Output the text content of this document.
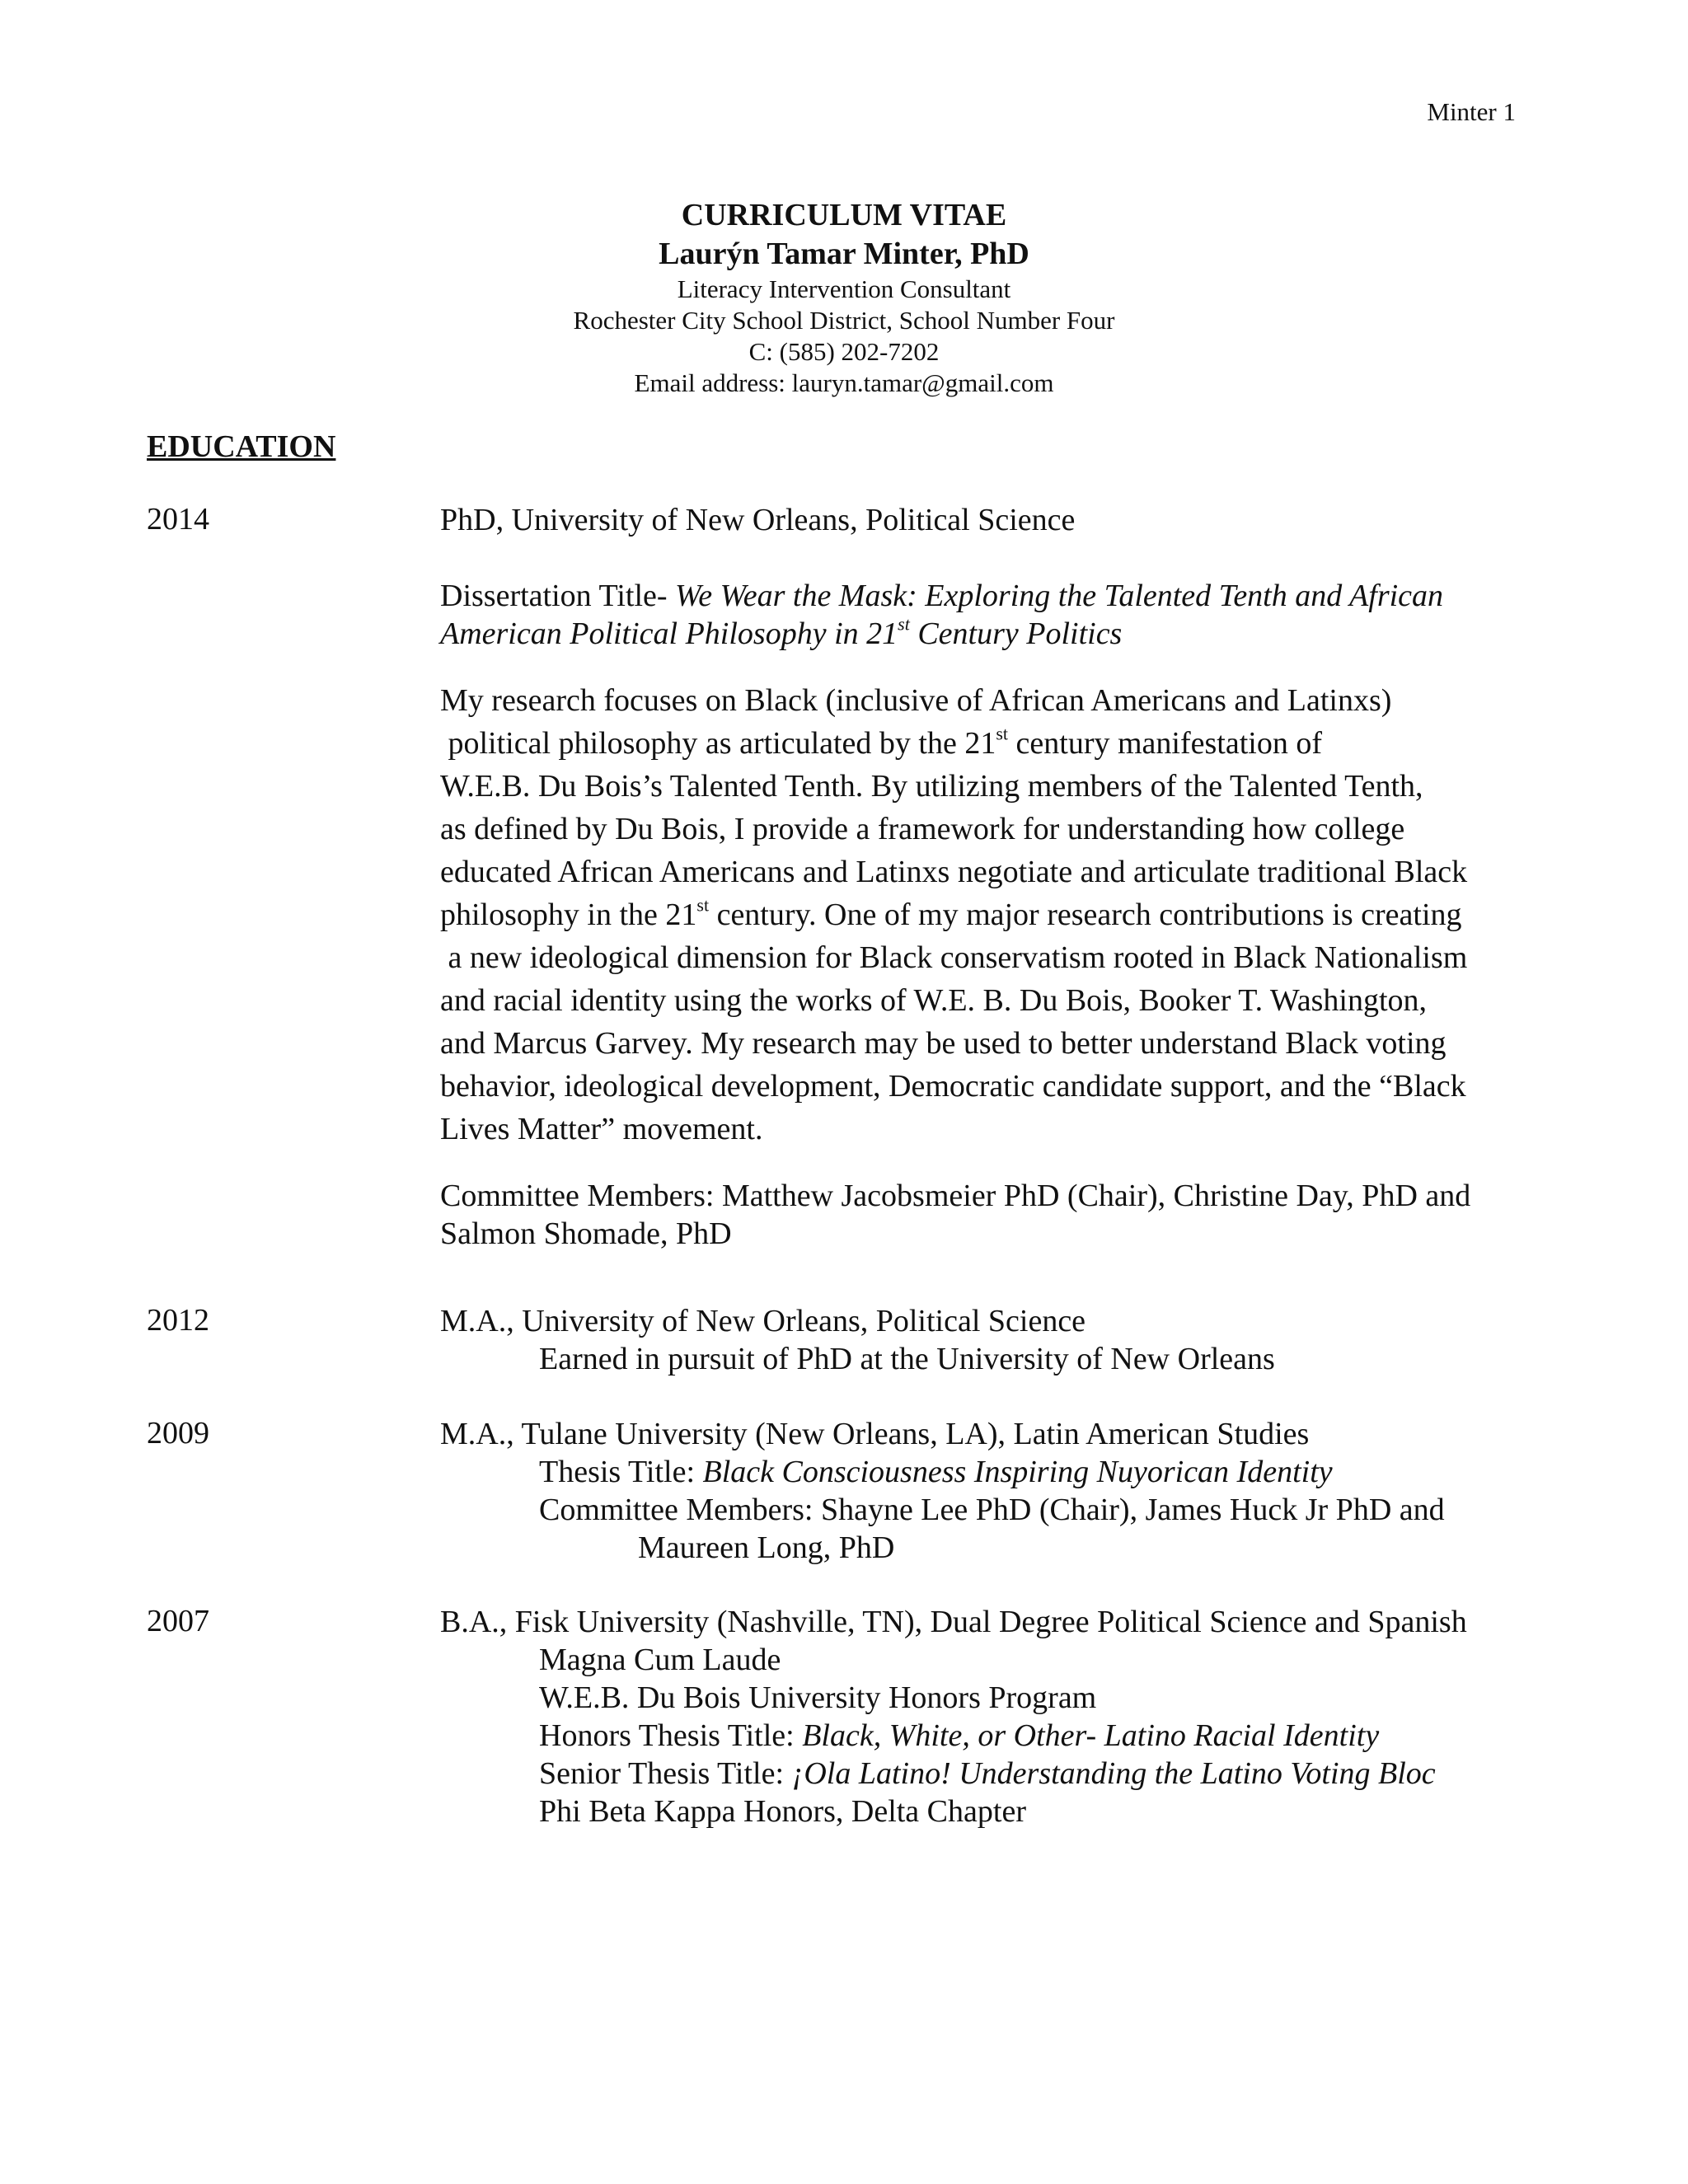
Minter 1
CURRICULUM VITAE
Laurýn Tamar Minter, PhD
Literacy Intervention Consultant
Rochester City School District, School Number Four
C: (585) 202-7202
Email address: lauryn.tamar@gmail.com
EDUCATION
2014	PhD, University of New Orleans, Political Science
Dissertation Title- We Wear the Mask: Exploring the Talented Tenth and African
American Political Philosophy in 21st Century Politics
My research focuses on Black (inclusive of African Americans and Latinxs)
political philosophy as articulated by the 21st century manifestation of
W.E.B. Du Bois’s Talented Tenth. By utilizing members of the Talented Tenth,
as defined by Du Bois, I provide a framework for understanding how college
educated African Americans and Latinxs negotiate and articulate traditional Black
philosophy in the 21st century. One of my major research contributions is creating
a new ideological dimension for Black conservatism rooted in Black Nationalism
and racial identity using the works of W.E. B. Du Bois, Booker T. Washington,
and Marcus Garvey. My research may be used to better understand Black voting
behavior, ideological development, Democratic candidate support, and the “Black
Lives Matter” movement.
Committee Members: Matthew Jacobsmeier PhD (Chair), Christine Day, PhD and
Salmon Shomade, PhD
2012	M.A., University of New Orleans, Political Science
Earned in pursuit of PhD at the University of New Orleans
2009	M.A., Tulane University (New Orleans, LA), Latin American Studies
Thesis Title: Black Consciousness Inspiring Nuyorican Identity
Committee Members: Shayne Lee PhD (Chair), James Huck Jr PhD and
Maureen Long, PhD
2007	B.A., Fisk University (Nashville, TN), Dual Degree Political Science and Spanish
Magna Cum Laude
W.E.B. Du Bois University Honors Program
Honors Thesis Title: Black, White, or Other- Latino Racial Identity
Senior Thesis Title: ¡Ola Latino! Understanding the Latino Voting Bloc
Phi Beta Kappa Honors, Delta Chapter
